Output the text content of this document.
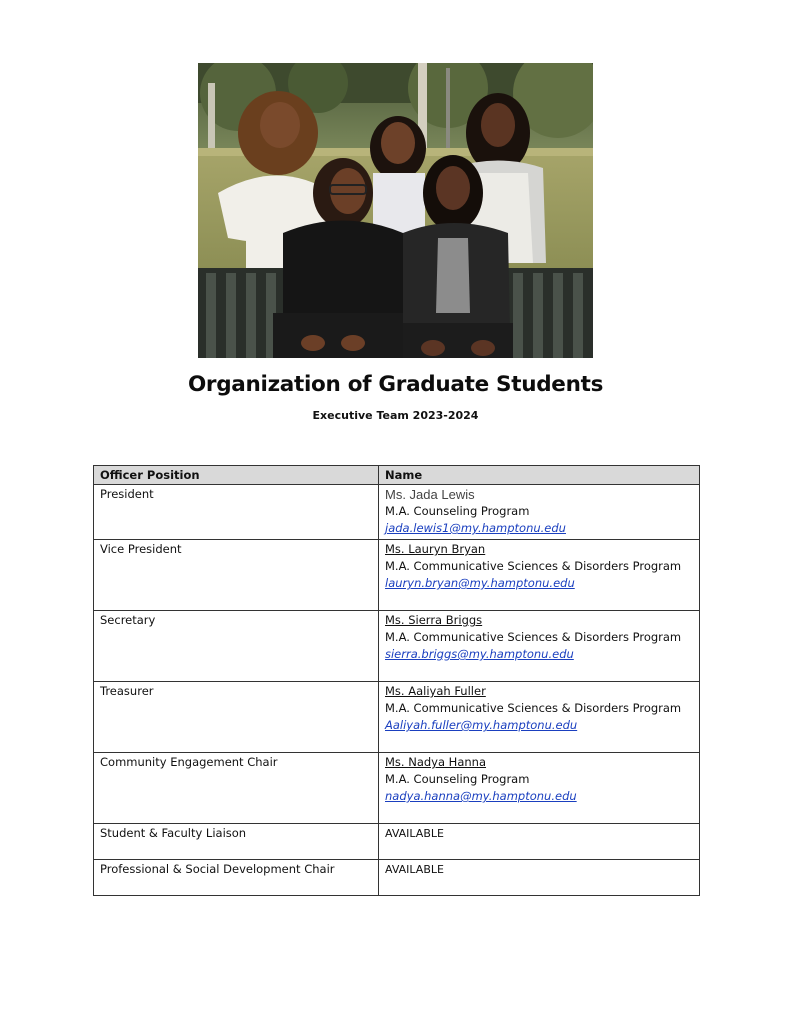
Organization of Graduate Students
Executive Team 2023-2024
Officer Position	Name
President	Ms. Jada Lewis
M.A. Counseling Program
jada.lewis1@my.hamptonu.edu

Vice President	Ms. Lauryn Bryan
M.A. Communicative Sciences & Disorders Program
lauryn.bryan@my.hamptonu.edu

Secretary	Ms. Sierra Briggs
M.A. Communicative Sciences & Disorders Program
sierra.briggs@my.hamptonu.edu

Treasurer	Ms. Aaliyah Fuller
M.A. Communicative Sciences & Disorders Program
Aaliyah.fuller@my.hamptonu.edu

Community Engagement Chair	Ms. Nadya Hanna
M.A. Counseling Program
nadya.hanna@my.hamptonu.edu

Student & Faculty Liaison	AVAILABLE

Professional & Social Development Chair	AVAILABLE
